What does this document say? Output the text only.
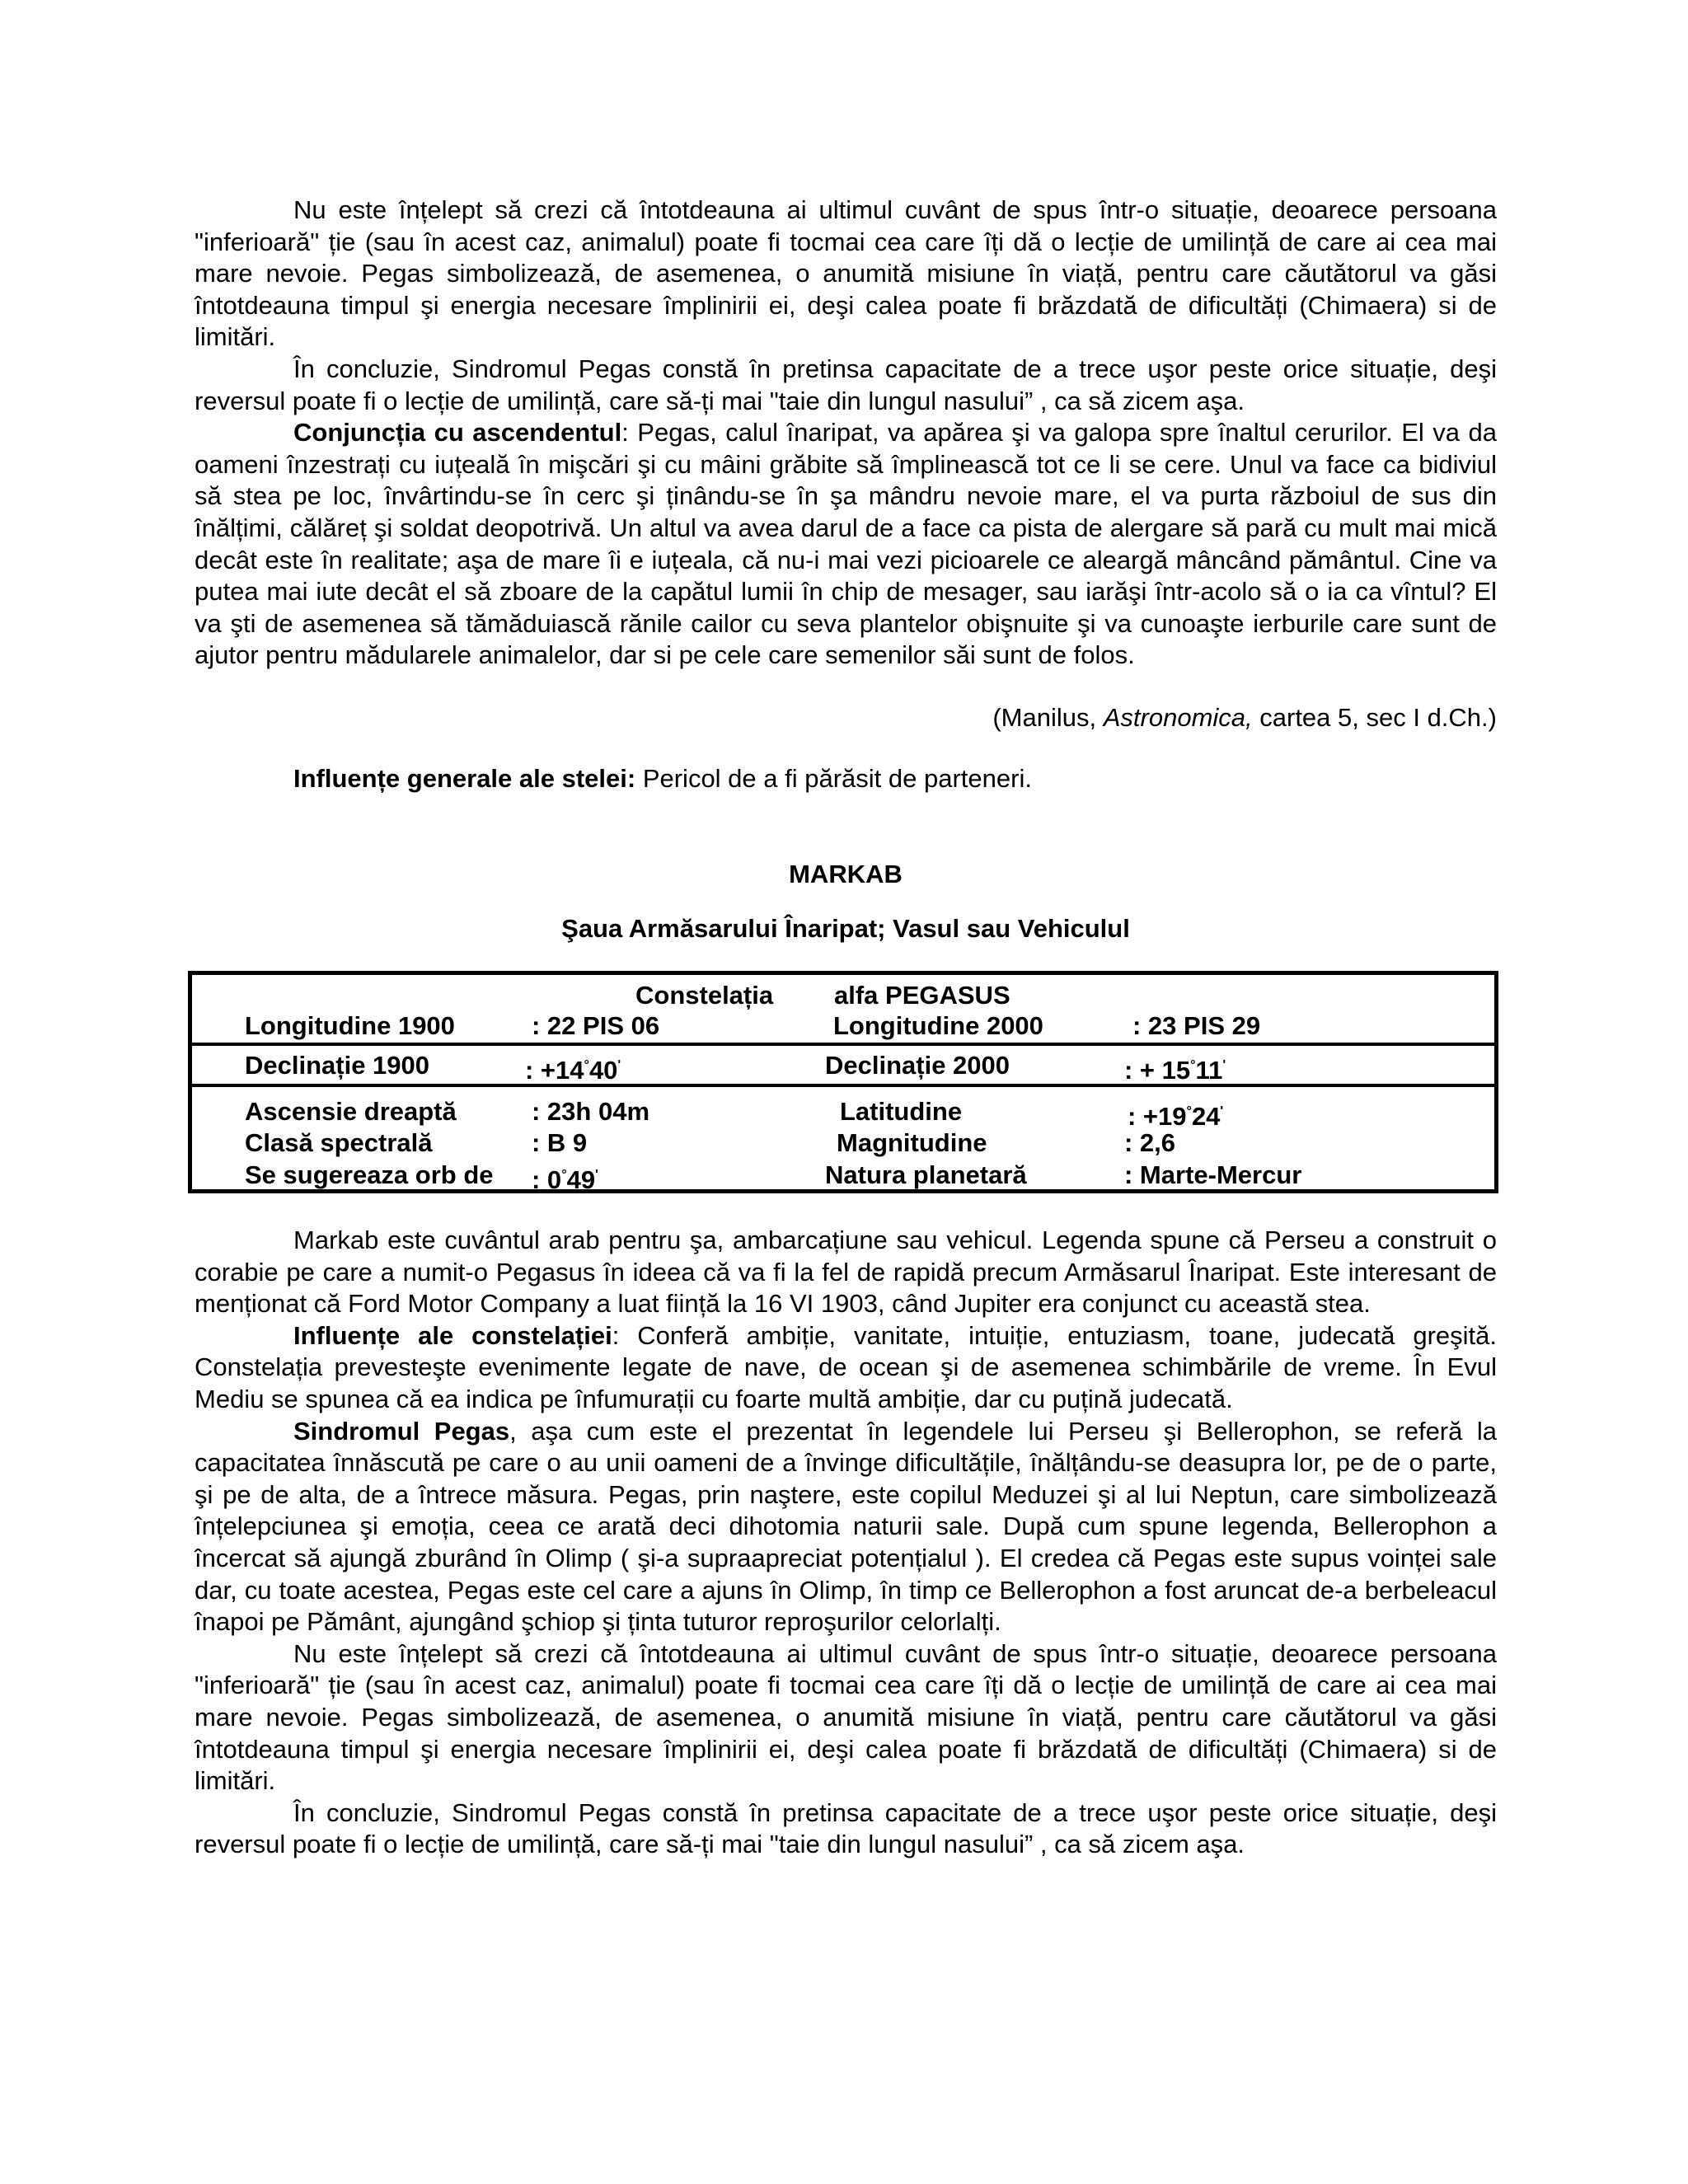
Nu este înțelept să crezi că întotdeauna ai ultimul cuvânt de spus într-o situație, deoarece persoana "inferioară" ție (sau în acest caz, animalul) poate fi tocmai cea care îți dă o lecție de umilință de care ai cea mai mare nevoie. Pegas simbolizează, de asemenea, o anumită misiune în viață, pentru care căutătorul va găsi întotdeauna timpul şi energia necesare împlinirii ei, deşi calea poate fi brăzdată de dificultăți (Chimaera) si de limitări.

În concluzie, Sindromul Pegas constă în pretinsa capacitate de a trece uşor peste orice situație, deşi reversul poate fi o lecție de umilință, care să-ți mai "taie din lungul nasului” , ca să zicem aşa.

Conjuncția cu ascendentul: Pegas, calul înaripat, va apărea şi va galopa spre înaltul cerurilor. El va da oameni înzestrați cu iuțeală în mişcări şi cu mâini grăbite să împlinească tot ce li se cere. Unul va face ca bidiviul să stea pe loc, învârtindu-se în cerc şi ținându-se în şa mândru nevoie mare, el va purta războiul de sus din înălțimi, călăreț şi soldat deopotrivă. Un altul va avea darul de a face ca pista de alergare să pară cu mult mai mică decât este în realitate; aşa de mare îi e iuțeala, că nu-i mai vezi picioarele ce aleargă mâncând pământul. Cine va putea mai iute decât el să zboare de la capătul lumii în chip de mesager, sau iarăşi într-acolo să o ia ca vîntul? El va şti de asemenea să tămăduiască rănile cailor cu seva plantelor obişnuite şi va cunoaşte ierburile care sunt de ajutor pentru mădularele animalelor, dar si pe cele care semenilor săi sunt de folos.

(Manilus, Astronomica, cartea 5, sec I d.Ch.)
Influențe generale ale stelei: Pericol de a fi părăsit de parteneri.
MARKAB
Şaua Armăsarului Înaripat; Vasul sau Vehiculul
Constelația alfa PEGASUS
Longitudine 1900	: 22 PIS 06	Longitudine 2000	: 23 PIS 29
Declinație 1900	: +14°40'	Declinație 2000	: + 15°11'
Ascensie dreaptă	: 23h 04m	Latitudine	: +19°24'
Clasă spectrală	: B 9	Magnitudine	: 2,6
Se sugereaza orb de : 0°49'	Natura planetară	: Marte-Mercur

Markab este cuvântul arab pentru şa, ambarcațiune sau vehicul. Legenda spune că Perseu a construit o corabie pe care a numit-o Pegasus în ideea că va fi la fel de rapidă precum Armăsarul Înaripat. Este interesant de menționat că Ford Motor Company a luat ființă la 16 VI 1903, când Jupiter era conjunct cu această stea.

Influențe ale constelației: Conferă ambiție, vanitate, intuiție, entuziasm, toane, judecată greşită. Constelația prevesteşte evenimente legate de nave, de ocean şi de asemenea schimbările de vreme. În Evul Mediu se spunea că ea indica pe înfumurații cu foarte multă ambiție, dar cu puțină judecată.

Sindromul Pegas, aşa cum este el prezentat în legendele lui Perseu şi Bellerophon, se referă la capacitatea înnăscută pe care o au unii oameni de a învinge dificultățile, înălțându-se deasupra lor, pe de o parte, şi pe de alta, de a întrece măsura. Pegas, prin naştere, este copilul Meduzei şi al lui Neptun, care simbolizează înțelepciunea şi emoția, ceea ce arată deci dihotomia naturii sale. După cum spune legenda, Bellerophon a încercat să ajungă zburând în Olimp ( şi-a supraapreciat potențialul ). El credea că Pegas este supus voinței sale dar, cu toate acestea, Pegas este cel care a ajuns în Olimp, în timp ce Bellerophon a fost aruncat de-a berbeleacul înapoi pe Pământ, ajungând şchiop şi ținta tuturor reproşurilor celorlalți.

Nu este înțelept să crezi că întotdeauna ai ultimul cuvânt de spus într-o situație, deoarece persoana "inferioară" ție (sau în acest caz, animalul) poate fi tocmai cea care îți dă o lecție de umilință de care ai cea mai mare nevoie. Pegas simbolizează, de asemenea, o anumită misiune în viață, pentru care căutătorul va găsi întotdeauna timpul şi energia necesare împlinirii ei, deşi calea poate fi brăzdată de dificultăți (Chimaera) si de limitări.

În concluzie, Sindromul Pegas constă în pretinsa capacitate de a trece uşor peste orice situație, deşi reversul poate fi o lecție de umilință, care să-ți mai "taie din lungul nasului” , ca să zicem aşa.
